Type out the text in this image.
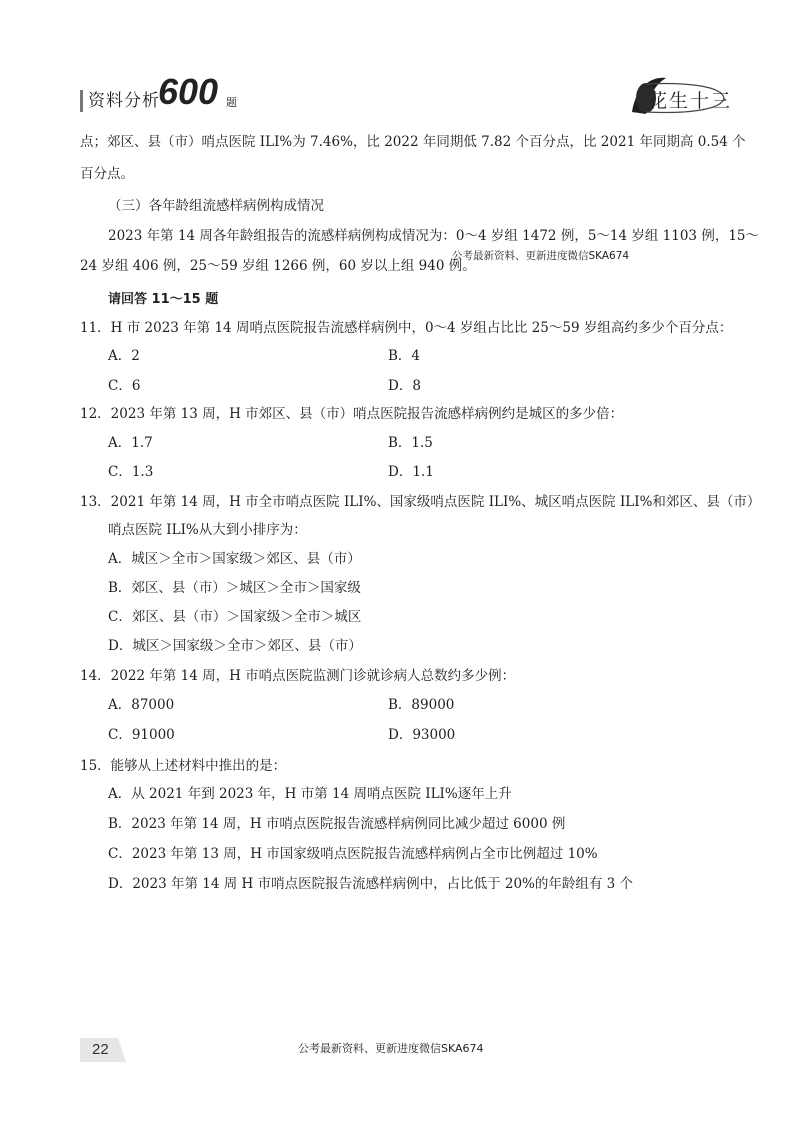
资料分析
600 题	花生十三
点；郊区、县（市）哨点医院 ILI%为 7.46%，比 2022 年同期低 7.82 个百分点，比 2021 年同期高 0.54 个
百分点。
（三）各年龄组流感样病例构成情况
2023 年第 14 周各年龄组报告的流感样病例构成情况为：0～4 岁组 1472 例，5～14 岁组 1103 例，15～
24 岁组 406 例，25～59 岁组 1266 例，60 岁以上组 940 例。
公考最新资料、更新进度微信SKA674
请回答 11～15 题
11．H 市 2023 年第 14 周哨点医院报告流感样病例中，0～4 岁组占比比 25～59 岁组高约多少个百分点：
A．2	B．4
C．6	D．8
12．2023 年第 13 周，H 市郊区、县（市）哨点医院报告流感样病例约是城区的多少倍：
A．1.7	B．1.5
C．1.3	D．1.1
13．2021 年第 14 周，H 市全市哨点医院 ILI%、国家级哨点医院 ILI%、城区哨点医院 ILI%和郊区、县（市）
哨点医院 ILI%从大到小排序为：
A．城区＞全市＞国家级＞郊区、县（市）
B．郊区、县（市）＞城区＞全市＞国家级
C．郊区、县（市）＞国家级＞全市＞城区
D．城区＞国家级＞全市＞郊区、县（市）
14．2022 年第 14 周，H 市哨点医院监测门诊就诊病人总数约多少例：
A．87000	B．89000
C．91000	D．93000
15．能够从上述材料中推出的是：
A．从 2021 年到 2023 年，H 市第 14 周哨点医院 ILI%逐年上升
B．2023 年第 14 周，H 市哨点医院报告流感样病例同比减少超过 6000 例
C．2023 年第 13 周，H 市国家级哨点医院报告流感样病例占全市比例超过 10%
D．2023 年第 14 周 H 市哨点医院报告流感样病例中，占比低于 20%的年龄组有 3 个
22	公考最新资料、更新进度微信SKA674
